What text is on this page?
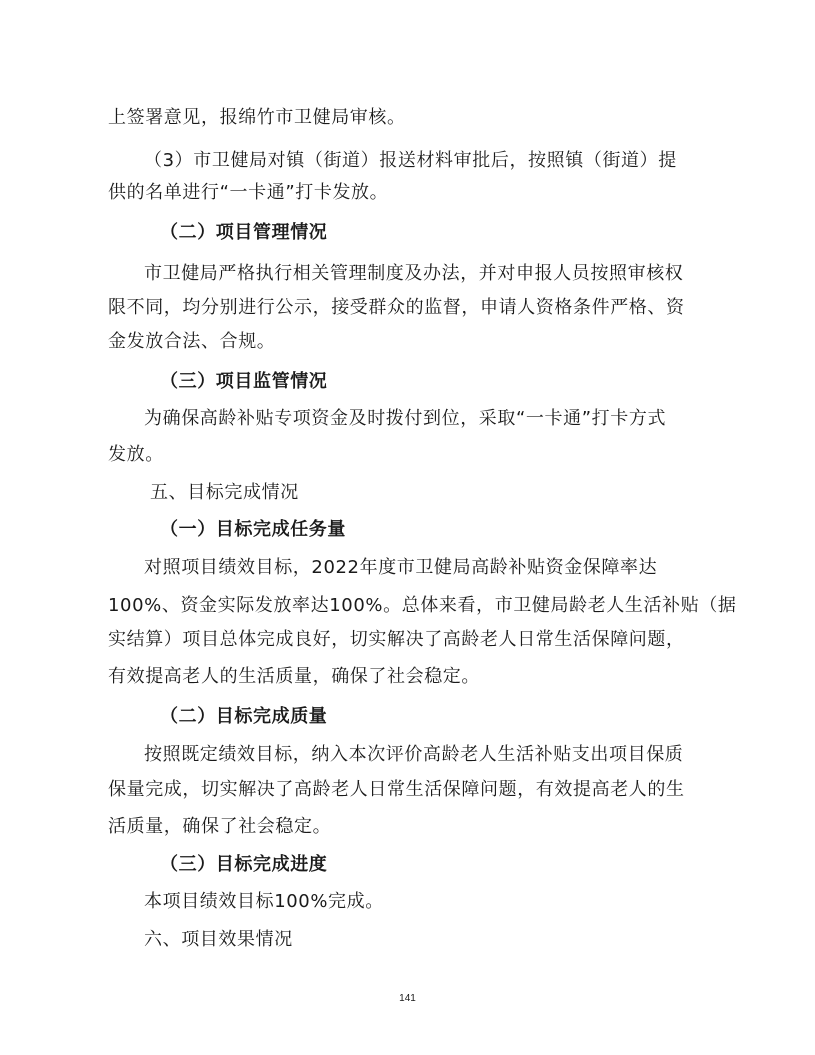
上签署意见，报绵竹市卫健局审核。
（3）市卫健局对镇（街道）报送材料审批后，按照镇（街道）提
供的名单进行“一卡通”打卡发放。
（二）项目管理情况
市卫健局严格执行相关管理制度及办法，并对申报人员按照审核权
限不同，均分别进行公示，接受群众的监督，申请人资格条件严格、资
金发放合法、合规。
（三）项目监管情况
为确保高龄补贴专项资金及时拨付到位，采取“一卡通”打卡方式
发放。
五、目标完成情况
（一）目标完成任务量
对照项目绩效目标，2022年度市卫健局高龄补贴资金保障率达
100%、资金实际发放率达100%。总体来看，市卫健局龄老人生活补贴（据
实结算）项目总体完成良好，切实解决了高龄老人日常生活保障问题，
有效提高老人的生活质量，确保了社会稳定。
（二）目标完成质量
按照既定绩效目标，纳入本次评价高龄老人生活补贴支出项目保质
保量完成，切实解决了高龄老人日常生活保障问题，有效提高老人的生
活质量，确保了社会稳定。
（三）目标完成进度
本项目绩效目标100%完成。
六、项目效果情况
141
